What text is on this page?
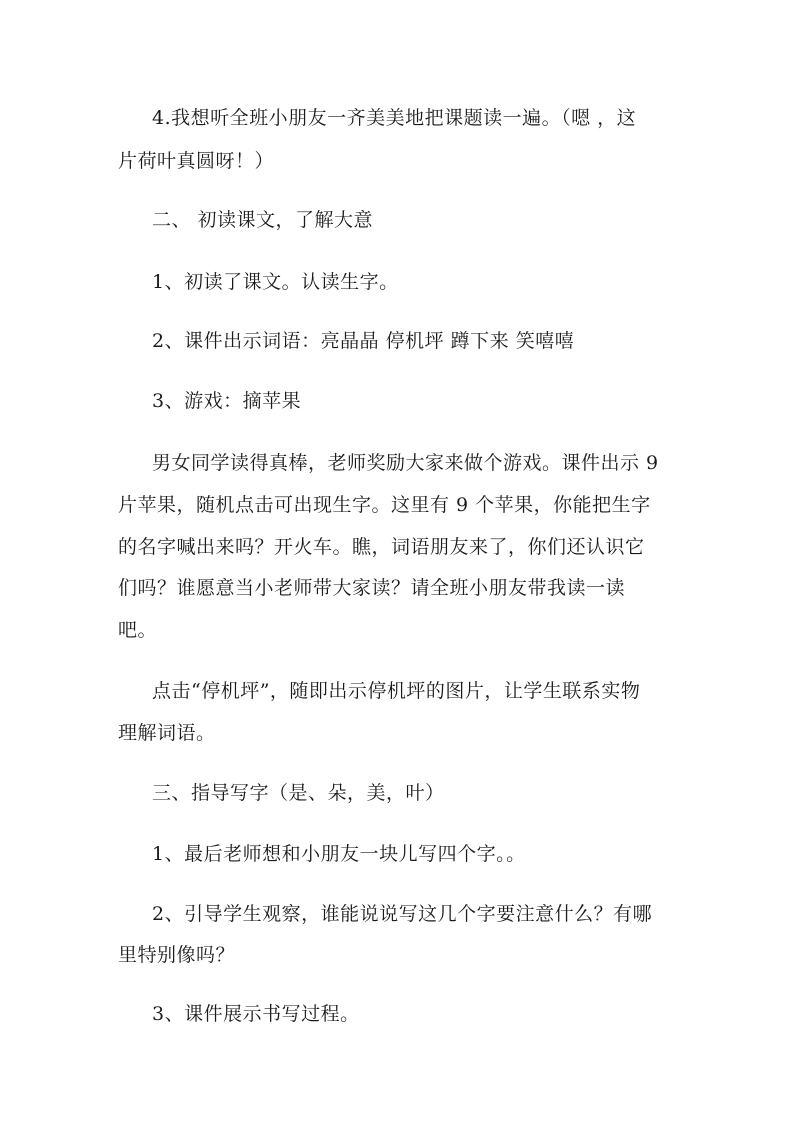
4.我想听全班小朋友一齐美美地把课题读一遍。（嗯 ，这
片荷叶真圆呀！）
二、 初读课文，了解大意
1、初读了课文。认读生字。
2、课件出示词语：亮晶晶 停机坪 蹲下来 笑嘻嘻
3、游戏：摘苹果
男女同学读得真棒，老师奖励大家来做个游戏。课件出示 9
片苹果，随机点击可出现生字。这里有 9 个苹果，你能把生字
的名字喊出来吗？开火车。瞧，词语朋友来了，你们还认识它
们吗？谁愿意当小老师带大家读？请全班小朋友带我读一读
吧。
点击“停机坪”，随即出示停机坪的图片，让学生联系实物
理解词语。
三、指导写字（是、朵，美，叶）
1、最后老师想和小朋友一块儿写四个字。。
2、引导学生观察，谁能说说写这几个字要注意什么？有哪
里特别像吗？
3、课件展示书写过程。
